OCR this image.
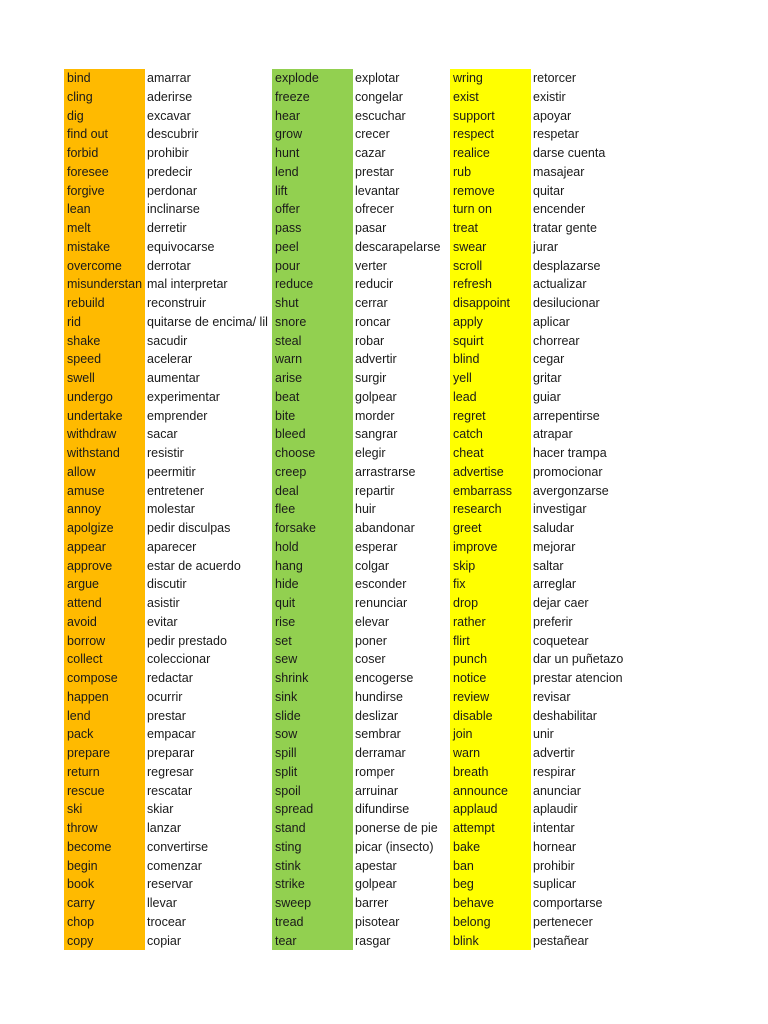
bind
cling
dig
find out
forbid
foresee
forgive
lean
melt
mistake
overcome
misunderstan
rebuild
rid
shake
speed
swell
undergo
undertake
withdraw
withstand
allow
amuse
annoy
apolgize
appear
approve
argue
attend
avoid
borrow
collect
compose
happen
lend
pack
prepare
return
rescue
ski
throw
become
begin
book
carry
chop
copy
amarrar
aderirse
excavar
descubrir
prohibir
predecir
perdonar
inclinarse
derretir
equivocarse
derrotar
mal interpretar
reconstruir
quitarse de encima/ lil
sacudir
acelerar
aumentar
experimentar
emprender
sacar
resistir
peermitir
entretener
molestar
pedir disculpas
aparecer
estar de acuerdo
discutir
asistir
evitar
pedir prestado
coleccionar
redactar
ocurrir
prestar
empacar
preparar
regresar
rescatar
skiar
lanzar
convertirse
comenzar
reservar
llevar
trocear
copiar
explode
freeze
hear
grow
hunt
lend
lift
offer
pass
peel
pour
reduce
shut
snore
steal
warn
arise
beat
bite
bleed
choose
creep
deal
flee
forsake
hold
hang
hide
quit
rise
set
sew
shrink
sink
slide
sow
spill
split
spoil
spread
stand
sting
stink
strike
sweep
tread
tear
explotar
congelar
escuchar
crecer
cazar
prestar
levantar
ofrecer
pasar
descarapelarse
verter
reducir
cerrar
roncar
robar
advertir
surgir
golpear
morder
sangrar
elegir
arrastrarse
repartir
huir
abandonar
esperar
colgar
esconder
renunciar
elevar
poner
coser
encogerse
hundirse
deslizar
sembrar
derramar
romper
arruinar
difundirse
ponerse de pie
picar (insecto)
apestar
golpear
barrer
pisotear
rasgar
wring
exist
support
respect
realice
rub
remove
turn on
treat
swear
scroll
refresh
disappoint
apply
squirt
blind
yell
lead
regret
catch
cheat
advertise
embarrass
research
greet
improve
skip
fix
drop
rather
flirt
punch
notice
review
disable
join
warn
breath
announce
applaud
attempt
bake
ban
beg
behave
belong
blink
retorcer
existir
apoyar
respetar
darse cuenta
masajear
quitar
encender
tratar gente
jurar
desplazarse
actualizar
desilucionar
aplicar
chorrear
cegar
gritar
guiar
arrepentirse
atrapar
hacer trampa
promocionar
avergonzarse
investigar
saludar
mejorar
saltar
arreglar
dejar caer
preferir
coquetear
dar un puñetazo
prestar atencion
revisar
deshabilitar
unir
advertir
respirar
anunciar
aplaudir
intentar
hornear
prohibir
suplicar
comportarse
pertenecer
pestañear
